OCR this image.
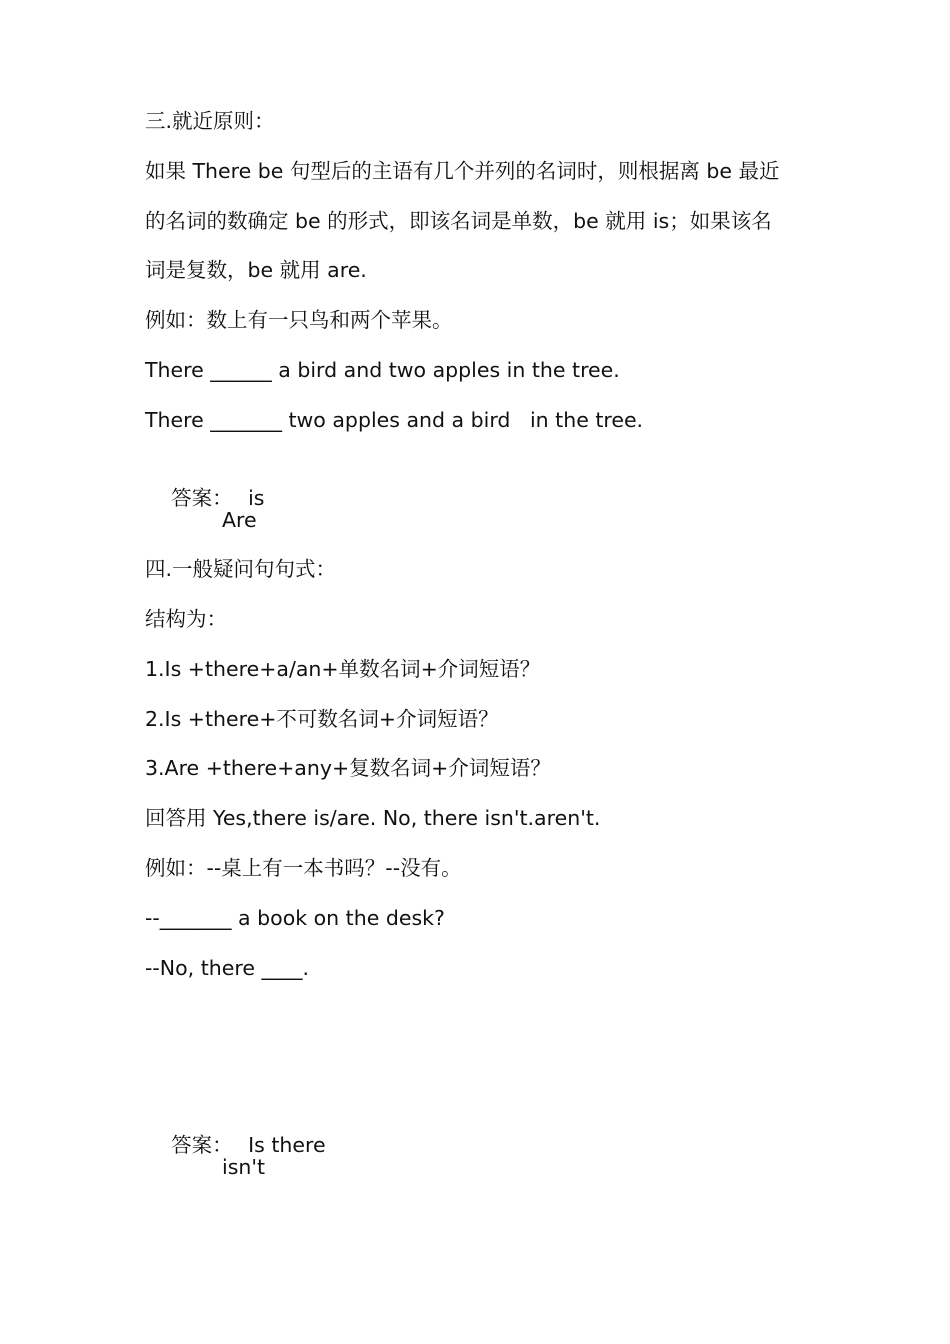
三.就近原则：
如果 There be 句型后的主语有几个并列的名词时，则根据离 be 最近
的名词的数确定 be 的形式，即该名词是单数，be 就用 is；如果该名
词是复数，be 就用 are.
例如：数上有一只鸟和两个苹果。
There ______ a bird and two apples in the tree.
There _______ two apples and a bird   in the tree.

答案： is

Are
四.一般疑问句句式：
结构为：
1.Is +there+a/an+单数名词+介词短语？
2.Is +there+不可数名词+介词短语？
3.Are +there+any+复数名词+介词短语？
回答用 Yes,there is/are. No, there isn't.aren't.
例如：--桌上有一本书吗？--没有。
--_______ a book on the desk?
--No, there ____.

答案： Is there

isn't
